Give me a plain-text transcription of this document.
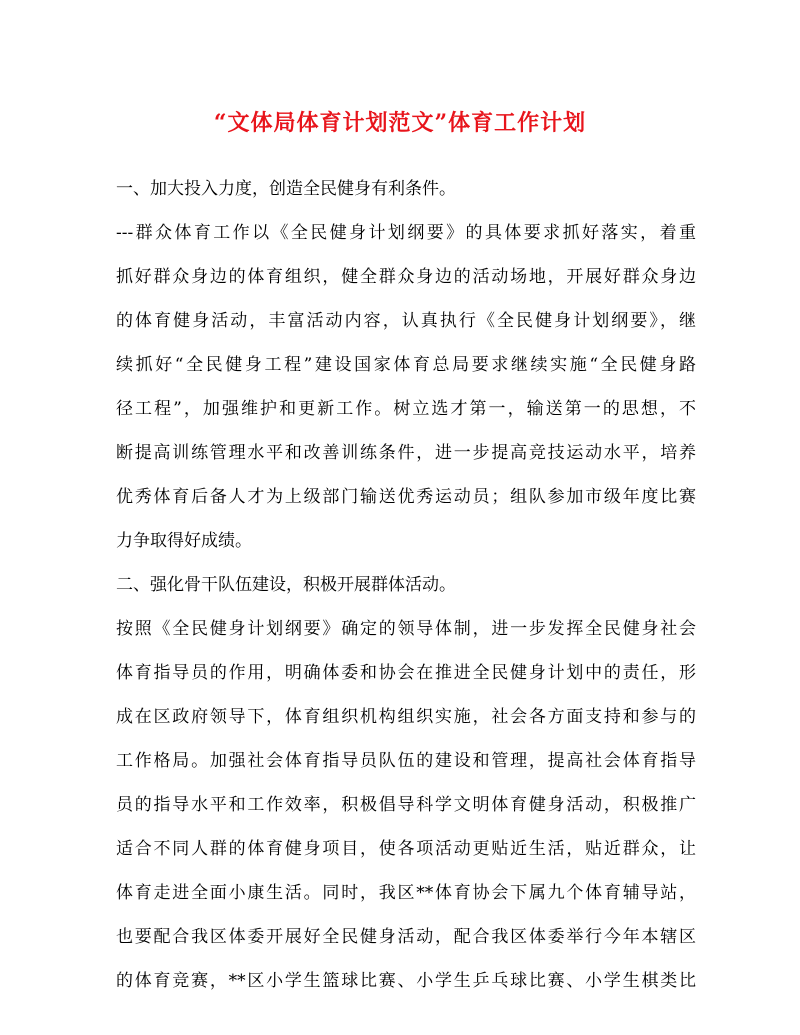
“文体局体育计划范文”体育工作计划
一、加大投入力度，创造全民健身有利条件。
---群众体育工作以《全民健身计划纲要》的具体要求抓好落实，着重
抓好群众身边的体育组织，健全群众身边的活动场地，开展好群众身边
的体育健身活动，丰富活动内容，认真执行《全民健身计划纲要》，继
续抓好“全民健身工程”建设国家体育总局要求继续实施“全民健身路
径工程”，加强维护和更新工作。树立选才第一，输送第一的思想，不
断提高训练管理水平和改善训练条件，进一步提高竞技运动水平，培养
优秀体育后备人才为上级部门输送优秀运动员；组队参加市级年度比赛
力争取得好成绩。
二、强化骨干队伍建设，积极开展群体活动。
按照《全民健身计划纲要》确定的领导体制，进一步发挥全民健身社会
体育指导员的作用，明确体委和协会在推进全民健身计划中的责任，形
成在区政府领导下，体育组织机构组织实施，社会各方面支持和参与的
工作格局。加强社会体育指导员队伍的建设和管理，提高社会体育指导
员的指导水平和工作效率，积极倡导科学文明体育健身活动，积极推广
适合不同人群的体育健身项目，使各项活动更贴近生活，贴近群众，让
体育走进全面小康生活。同时，我区**体育协会下属九个体育辅导站，
也要配合我区体委开展好全民健身活动，配合我区体委举行今年本辖区
的体育竞赛，**区小学生篮球比赛、小学生乒乓球比赛、小学生棋类比
